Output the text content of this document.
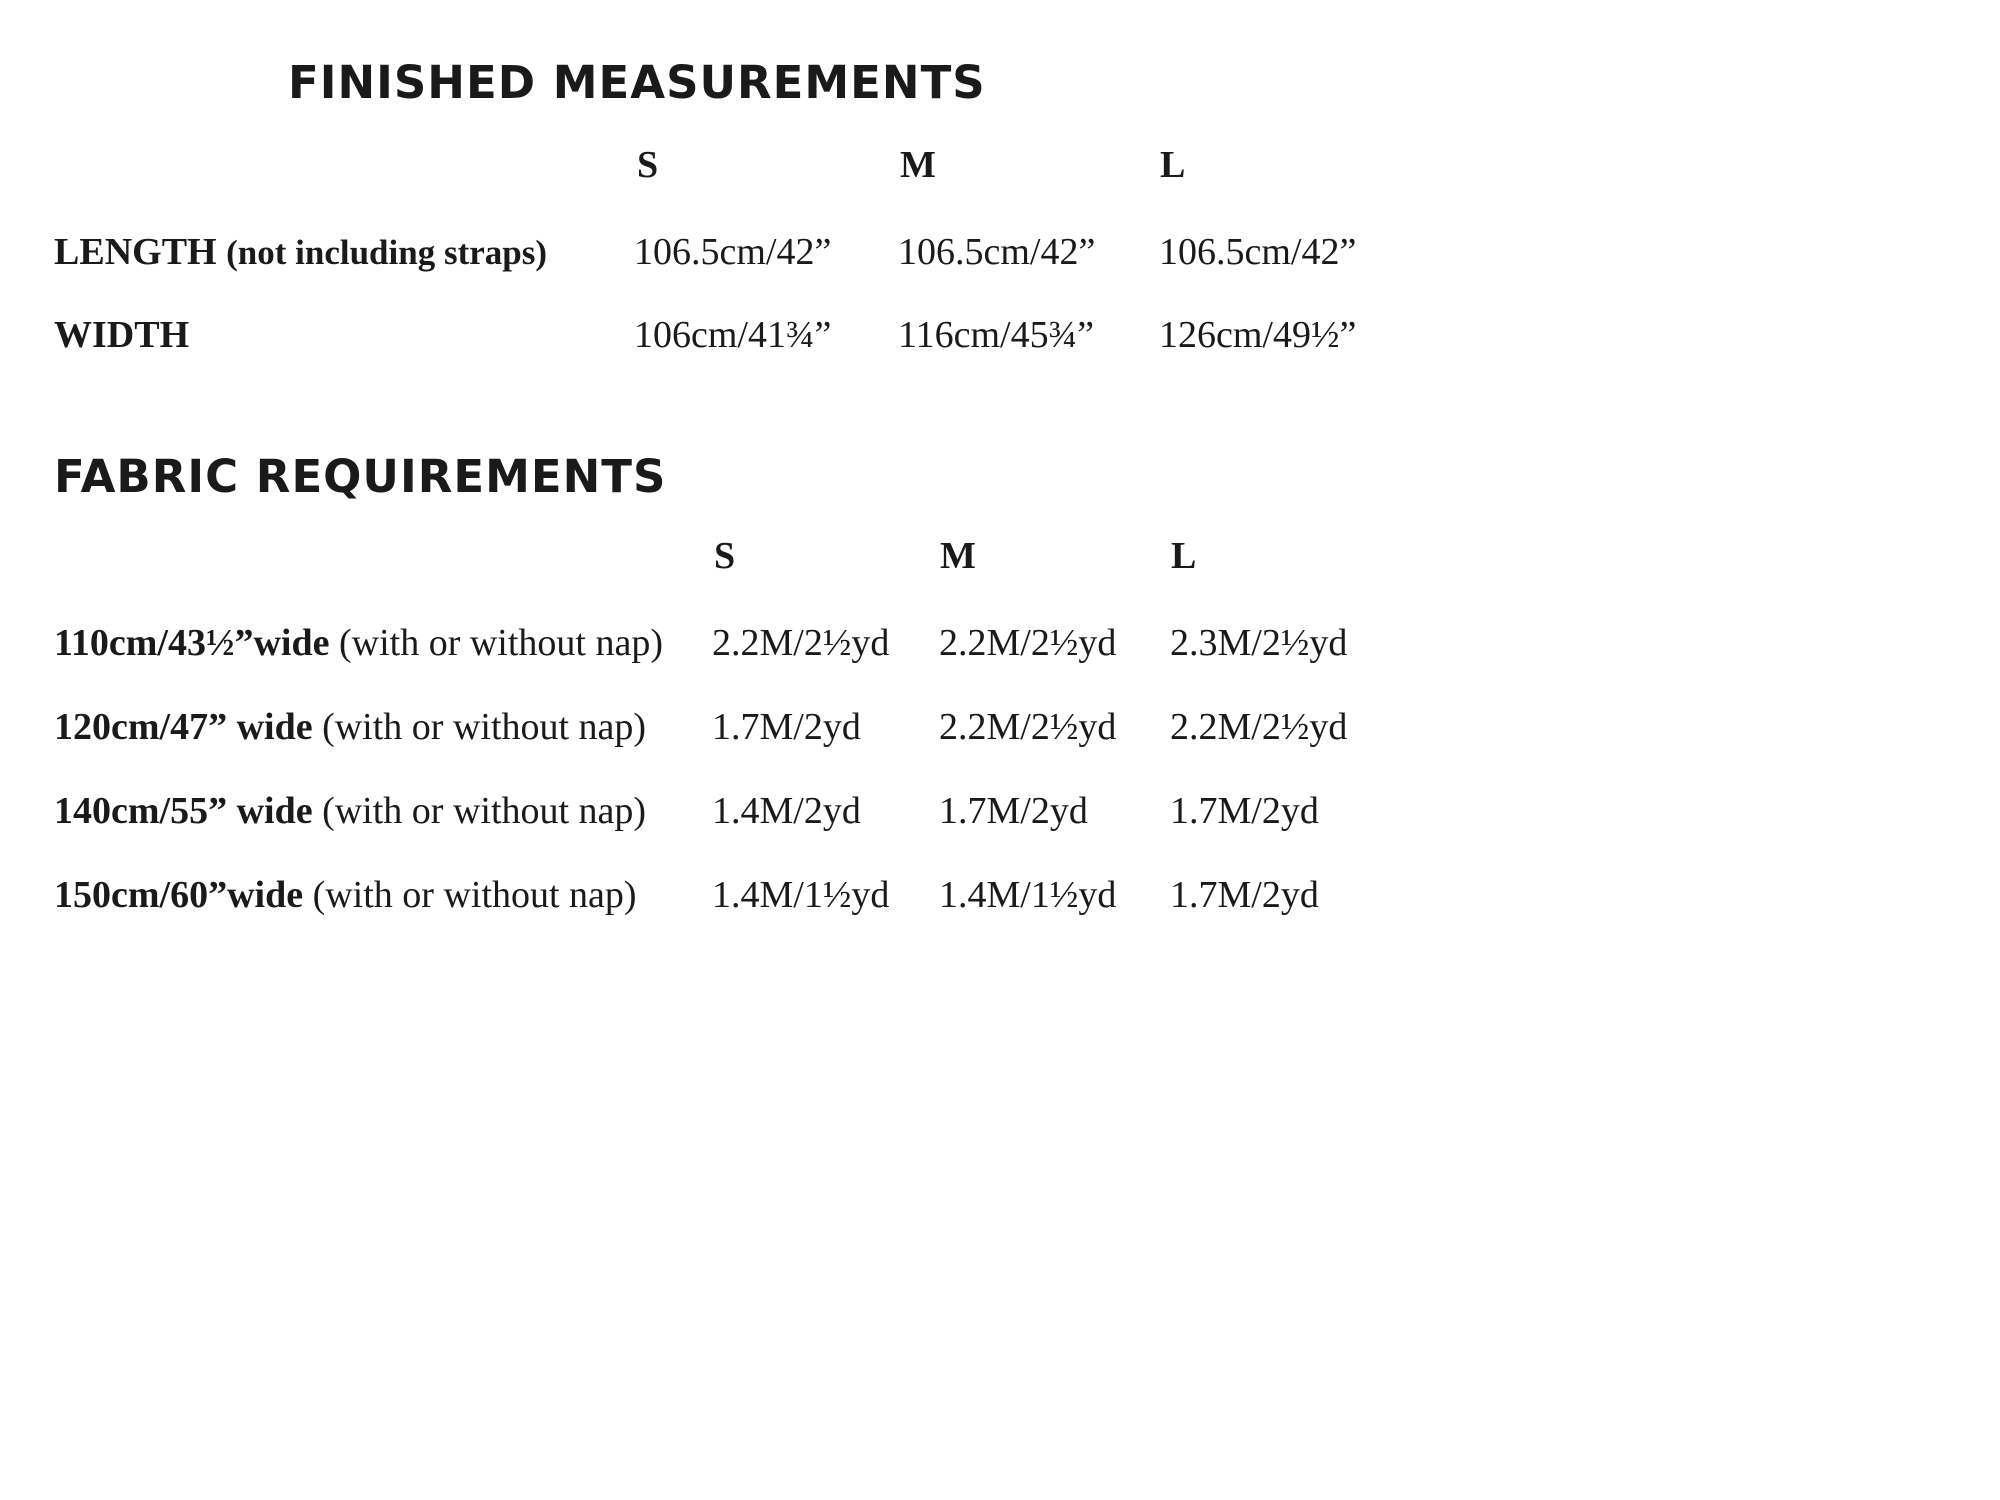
FINISHED MEASUREMENTS
S	M	L
LENGTH (not including straps) 106.5cm/42” 106.5cm/42” 106.5cm/42”
WIDTH	106cm/41¾” 116cm/45¾” 126cm/49½”
FABRIC REQUIREMENTS
S	M	L
110cm/43½”wide (with or without nap) 2.2M/2½yd 2.2M/2½yd 2.3M/2½yd
120cm/47” wide (with or without nap) 1.7M/2yd 2.2M/2½yd 2.2M/2½yd
140cm/55” wide (with or without nap) 1.4M/2yd 1.7M/2yd 1.7M/2yd
150cm/60”wide (with or without nap) 1.4M/1½yd 1.4M/1½yd 1.7M/2yd
